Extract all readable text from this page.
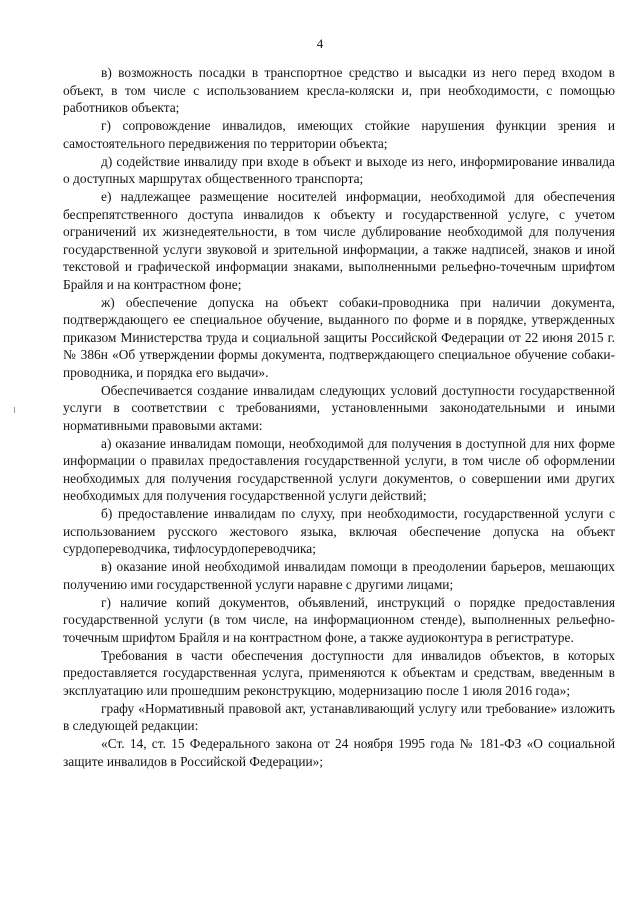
4

в) возможность посадки в транспортное средство и высадки из него перед входом в объект, в том числе с использованием кресла-коляски и, при необходимости, с помощью работников объекта;

г) сопровождение инвалидов, имеющих стойкие нарушения функции зрения и самостоятельного передвижения по территории объекта;

д) содействие инвалиду при входе в объект и выходе из него, информирование инвалида о доступных маршрутах общественного транспорта;

е) надлежащее размещение носителей информации, необходимой для обеспечения беспрепятственного доступа инвалидов к объекту и государственной услуге, с учетом ограничений их жизнедеятельности, в том числе дублирование необходимой для получения государственной услуги звуковой и зрительной информации, а также надписей, знаков и иной текстовой и графической информации знаками, выполненными рельефно-точечным шрифтом Брайля и на контрастном фоне;

ж) обеспечение допуска на объект собаки-проводника при наличии документа, подтверждающего ее специальное обучение, выданного по форме и в порядке, утвержденных приказом Министерства труда и социальной защиты Российской Федерации от 22 июня 2015 г. № 386н «Об утверждении формы документа, подтверждающего специальное обучение собаки-проводника, и порядка его выдачи».

Обеспечивается создание инвалидам следующих условий доступности государственной услуги в соответствии с требованиями, установленными законодательными и иными нормативными правовыми актами:

а) оказание инвалидам помощи, необходимой для получения в доступной для них форме информации о правилах предоставления государственной услуги, в том числе об оформлении необходимых для получения государственной услуги документов, о совершении ими других необходимых для получения государственной услуги действий;

б) предоставление инвалидам по слуху, при необходимости, государственной услуги с использованием русского жестового языка, включая обеспечение допуска на объект сурдопереводчика, тифлосурдопереводчика;

в) оказание иной необходимой инвалидам помощи в преодолении барьеров, мешающих получению ими государственной услуги наравне с другими лицами;

г) наличие копий документов, объявлений, инструкций о порядке предоставления государственной услуги (в том числе, на информационном стенде), выполненных рельефно-точечным шрифтом Брайля и на контрастном фоне, а также аудиоконтура в регистратуре.

Требования в части обеспечения доступности для инвалидов объектов, в которых предоставляется государственная услуга, применяются к объектам и средствам, введенным в эксплуатацию или прошедшим реконструкцию, модернизацию после 1 июля 2016 года»;

графу «Нормативный правовой акт, устанавливающий услугу или требование» изложить в следующей редакции:

«Ст. 14, ст. 15 Федерального закона от 24 ноября 1995 года № 181-ФЗ «О социальной защите инвалидов в Российской Федерации»;
